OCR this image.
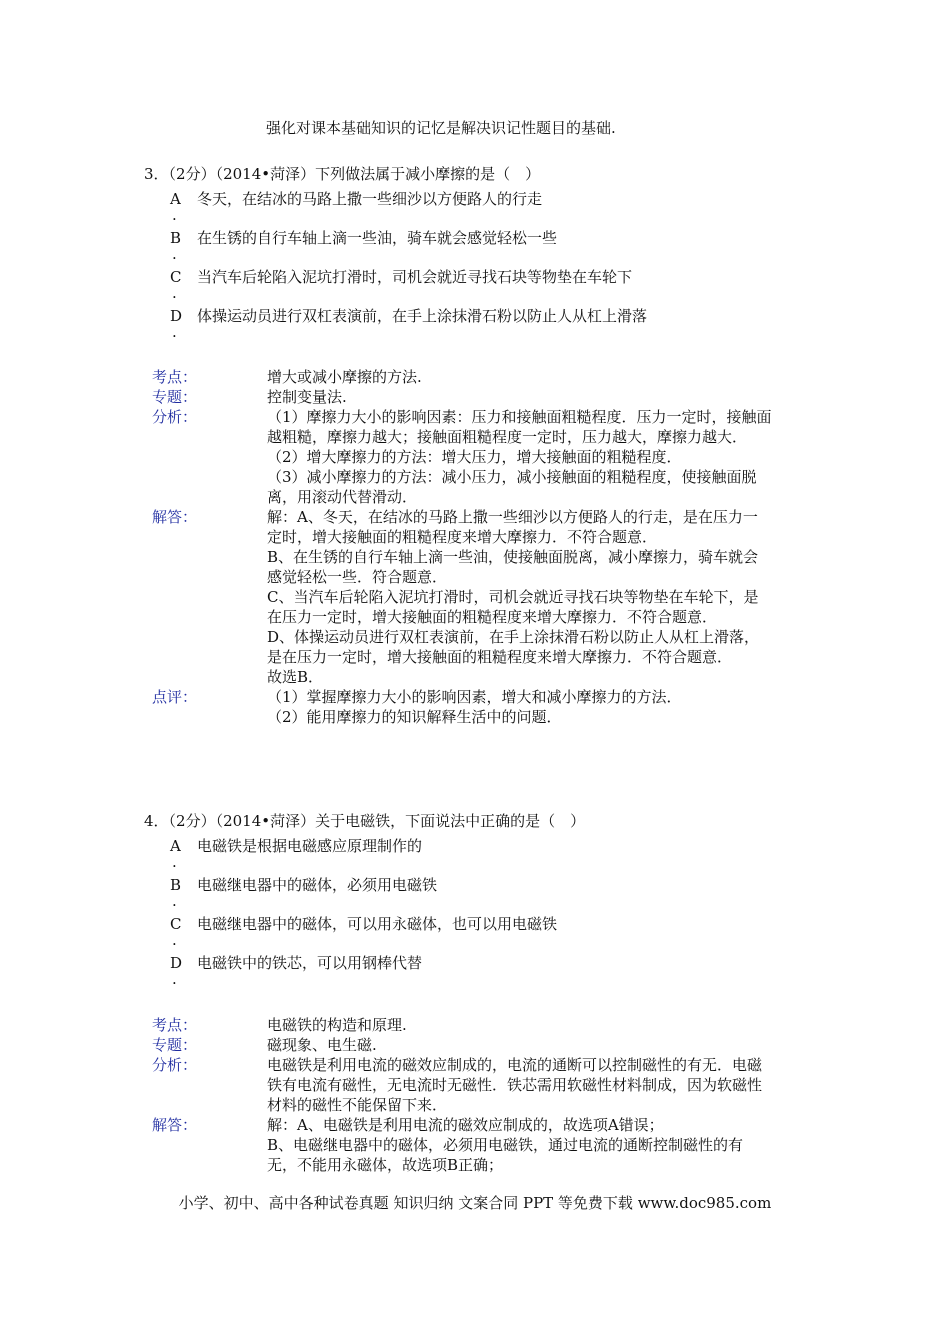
强化对课本基础知识的记忆是解决识记性题目的基础.
3．（2分）（2014•菏泽）下列做法属于减小摩擦的是（　）
A
.
冬天，在结冰的马路上撒一些细沙以方便路人的行走
B
.
在生锈的自行车轴上滴一些油，骑车就会感觉轻松一些
C
.
当汽车后轮陷入泥坑打滑时，司机会就近寻找石块等物垫在车轮下
D
.
体操运动员进行双杠表演前，在手上涂抹滑石粉以防止人从杠上滑落
考点：	增大或减小摩擦的方法.

专题：	控制变量法.

分析：	（1）摩擦力大小的影响因素：压力和接触面粗糙程度．压力一定时，接触面越粗糙，摩擦力越大；接触面粗糙程度一定时，压力越大，摩擦力越大．

（2）增大摩擦力的方法：增大压力，增大接触面的粗糙程度．

（3）减小摩擦力的方法：减小压力，减小接触面的粗糙程度，使接触面脱离，用滚动代替滑动．

解答：	解：A、冬天，在结冰的马路上撒一些细沙以方便路人的行走，是在压力一定时，增大接触面的粗糙程度来增大摩擦力．不符合题意．

B、在生锈的自行车轴上滴一些油，使接触面脱离，减小摩擦力，骑车就会感觉轻松一些．符合题意．

C、当汽车后轮陷入泥坑打滑时，司机会就近寻找石块等物垫在车轮下，是在压力一定时，增大接触面的粗糙程度来增大摩擦力．不符合题意．

D、体操运动员进行双杠表演前，在手上涂抹滑石粉以防止人从杠上滑落，是在压力一定时，增大接触面的粗糙程度来增大摩擦力．不符合题意．

故选B．

点评：	（1）掌握摩擦力大小的影响因素，增大和减小摩擦力的方法．

（2）能用摩擦力的知识解释生活中的问题．

4．（2分）（2014•菏泽）关于电磁铁，下面说法中正确的是（　）
A
.
电磁铁是根据电磁感应原理制作的
B
.
电磁继电器中的磁体，必须用电磁铁
C
.
电磁继电器中的磁体，可以用永磁体，也可以用电磁铁
D
.
电磁铁中的铁芯，可以用钢棒代替
考点：	电磁铁的构造和原理.

专题：	磁现象、电生磁.

分析：	电磁铁是利用电流的磁效应制成的，电流的通断可以控制磁性的有无．电磁铁有电流有磁性，无电流时无磁性．铁芯需用软磁性材料制成，因为软磁性材料的磁性不能保留下来．

解答：	解：A、电磁铁是利用电流的磁效应制成的，故选项A错误；

B、电磁继电器中的磁体，必须用电磁铁，通过电流的通断控制磁性的有无，不能用永磁体，故选项B正确；

小学、初中、高中各种试卷真题 知识归纳 文案合同 PPT 等免费下载 www.doc985.com
